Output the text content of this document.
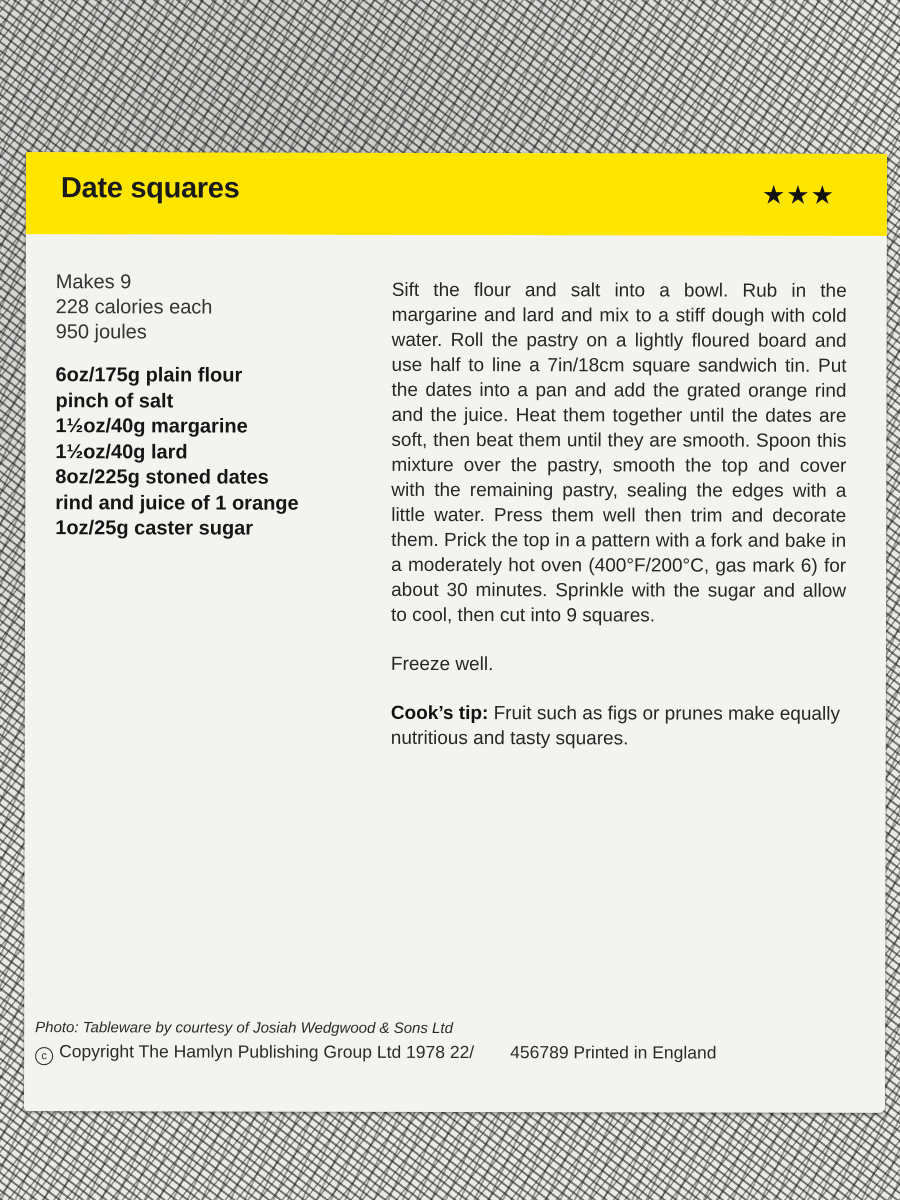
Date squares	★★★

Makes 9

228 calories each

950 joules

6oz/175g plain flour

pinch of salt

1½oz/40g margarine

1½oz/40g lard

8oz/225g stoned dates

rind and juice of 1 orange

1oz/25g caster sugar

Sift the flour and salt into a bowl. Rub in the margarine and lard and mix to a stiff dough with cold water. Roll the pastry on a lightly floured board and use half to line a 7in/18cm square sandwich tin. Put the dates into a pan and add the grated orange rind and the juice. Heat them together until the dates are soft, then beat them until they are smooth. Spoon this mixture over the pastry, smooth the top and cover with the remaining pastry, sealing the edges with a little water. Press them well then trim and decorate them. Prick the top in a pattern with a fork and bake in a moderately hot oven (400°F/200°C, gas mark 6) for about 30 minutes. Sprinkle with the sugar and allow to cool, then cut into 9 squares.

Freeze well.

Cook’s tip: Fruit such as figs or prunes make equally nutritious and tasty squares.

Photo: Tableware by courtesy of Josiah Wedgwood & Sons Ltd

c Copyright The Hamlyn Publishing Group Ltd 1978 22/ 456789 Printed in England
